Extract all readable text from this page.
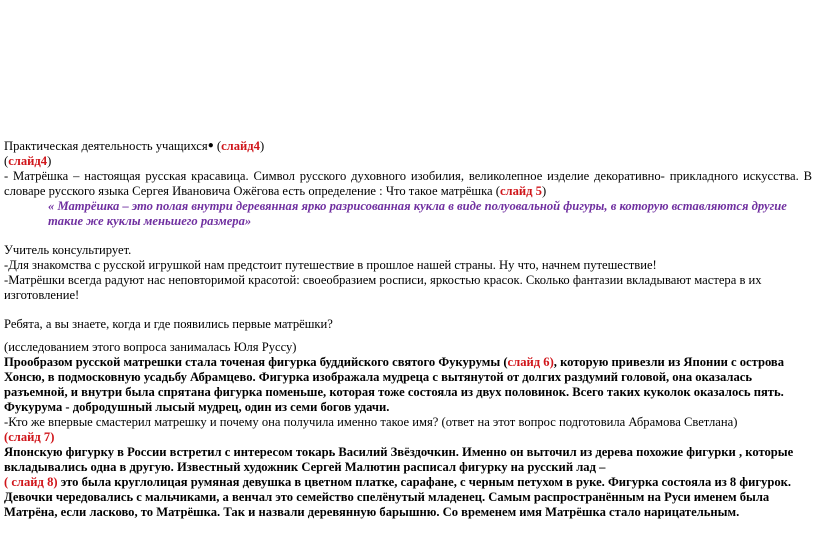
Практическая деятельность учащихся● (слайд4)

(слайд4)

- Матрёшка – настоящая русская красавица. Символ русского духовного изобилия, великолепное изделие декоративно- прикладного искусства. В словаре русского языка Сергея Ивановича Ожёгова есть определение : Что такое матрёшка (слайд 5)

« Матрёшка – это полая внутри деревянная ярко разрисованная кукла в виде полуовальной фигуры, в которую вставляются другие такие же куклы меньшего размера»

Учитель консультирует.

-Для знакомства с русской игрушкой нам предстоит путешествие в прошлое нашей страны. Ну что, начнем путешествие!

-Матрёшки всегда радуют нас неповторимой красотой: своеобразием росписи, яркостью красок. Сколько фантазии вкладывают мастера в их изготовление!

Ребята, а вы знаете, когда и где появились первые матрёшки?

(исследованием этого вопроса занималась Юля Руссу)

Прообразом русской матрешки стала точеная фигурка буддийского святого Фукурумы (слайд 6), которую привезли из Японии с острова Хонсю, в подмосковную усадьбу Абрамцево. Фигурка изображала мудреца с вытянутой от долгих раздумий головой, она оказалась разъемной, и внутри была спрятана фигурка поменьше, которая тоже состояла из двух половинок. Всего таких куколок оказалось пять. Фукурума - добродушный лысый мудрец, один из семи богов удачи.

-Кто же впервые смастерил матрешку и почему она получила именно такое имя? (ответ на этот вопрос подготовила Абрамова Светлана)

(слайд 7)

Японскую фигурку в России встретил с интересом токарь Василий Звёздочкин. Именно он выточил из дерева похожие фигурки , которые вкладывались одна в другую. Известный художник Сергей Малютин расписал фигурку на русский лад –
( слайд 8) это была круглолицая румяная девушка в цветном платке, сарафане, с черным петухом в руке. Фигурка состояла из 8 фигурок. Девочки чередовались с мальчиками, а венчал это семейство спелёнутый младенец. Самым распространённым на Руси именем была Матрёна, если ласково, то Матрёшка. Так и назвали деревянную барышню. Со временем имя Матрёшка стало нарицательным.
